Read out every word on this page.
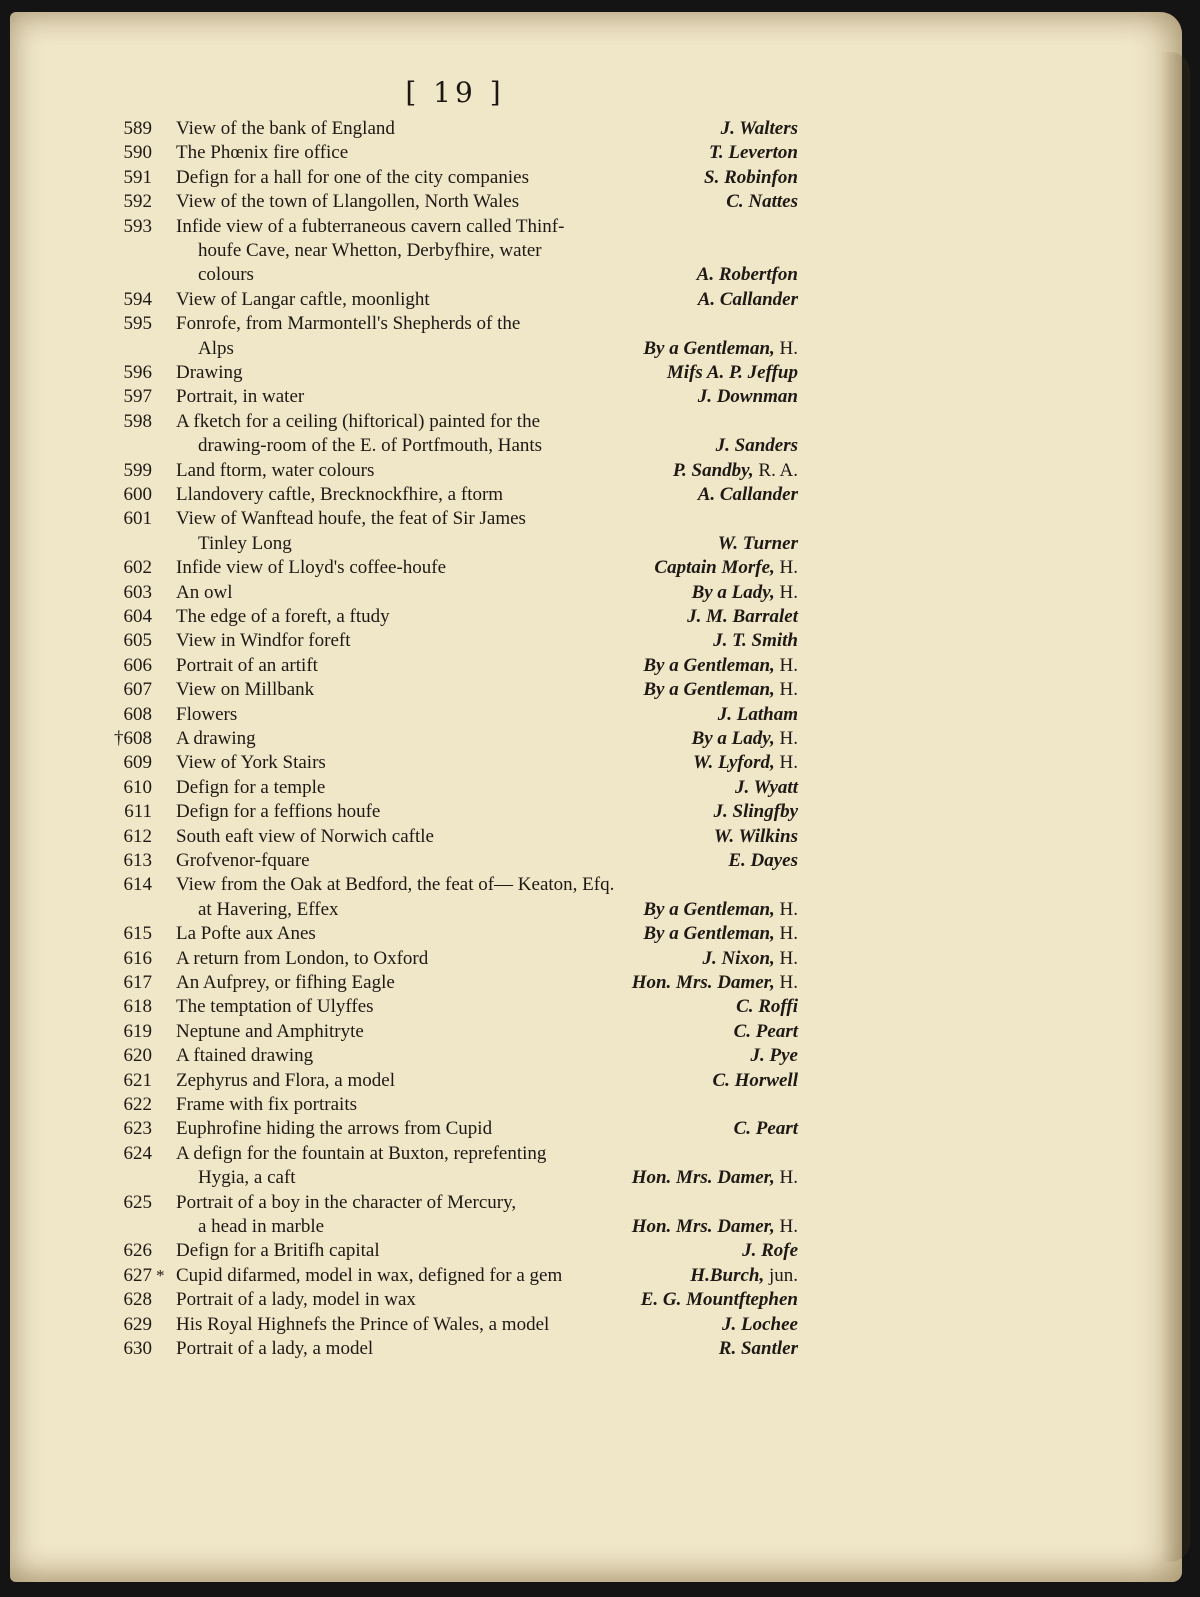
[ 19 ]
589 View of the bank of England	J. Walters
590 The Phœnix fire office	T. Leverton
591 Defign for a hall for one of the city companies	S. Robinfon
592 View of the town of Llangollen, North Wales	C. Nattes
593 Infide view of a fubterraneous cavern called Thinf-
houfe Cave, near Whetton, Derbyfhire, water
colours	A. Robertfon
594 View of Langar caftle, moonlight	A. Callander
595 Fonrofe, from Marmontell's Shepherds of the
Alps	By a Gentleman, H.
596 Drawing	Mifs A. P. Jeffup
597 Portrait, in water	J. Downman
598 A fketch for a ceiling (hiftorical) painted for the
drawing-room of the E. of Portfmouth, Hants	J. Sanders
599 Land ftorm, water colours	P. Sandby, R. A.
600 Llandovery caftle, Brecknockfhire, a ftorm	A. Callander
601 View of Wanftead houfe, the feat of Sir James
Tinley Long	W. Turner
602 Infide view of Lloyd's coffee-houfe	Captain Morfe, H.
603 An owl	By a Lady, H.
604 The edge of a foreft, a ftudy	J. M. Barralet
605 View in Windfor foreft	J. T. Smith
606 Portrait of an artift	By a Gentleman, H.
607 View on Millbank	By a Gentleman, H.
608 Flowers	J. Latham
†608 A drawing	By a Lady, H.
609 View of York Stairs	W. Lyford, H.
610 Defign for a temple	J. Wyatt
611 Defign for a feffions houfe	J. Slingfby
612 South eaft view of Norwich caftle	W. Wilkins
613 Grofvenor-fquare	E. Dayes
614 View from the Oak at Bedford, the feat of— Keaton, Efq.
at Havering, Effex	By a Gentleman, H.
615 La Pofte aux Anes	By a Gentleman, H.
616 A return from London, to Oxford	J. Nixon, H.
617 An Aufprey, or fifhing Eagle	Hon. Mrs. Damer, H.
618 The temptation of Ulyffes	C. Roffi
619 Neptune and Amphitryte	C. Peart
620 A ftained drawing	J. Pye
621 Zephyrus and Flora, a model	C. Horwell
622 Frame with fix portraits
623 Euphrofine hiding the arrows from Cupid	C. Peart
624 A defign for the fountain at Buxton, reprefenting
Hygia, a caft	Hon. Mrs. Damer, H.
625 Portrait of a boy in the character of Mercury,
a head in marble	Hon. Mrs. Damer, H.
626 Defign for a Britifh capital	J. Rofe
627 * Cupid difarmed, model in wax, defigned for a gem	H.Burch, jun.
628 Portrait of a lady, model in wax	E. G. Mountftephen
629 His Royal Highnefs the Prince of Wales, a model	J. Lochee
630 Portrait of a lady, a model	R. Santler
